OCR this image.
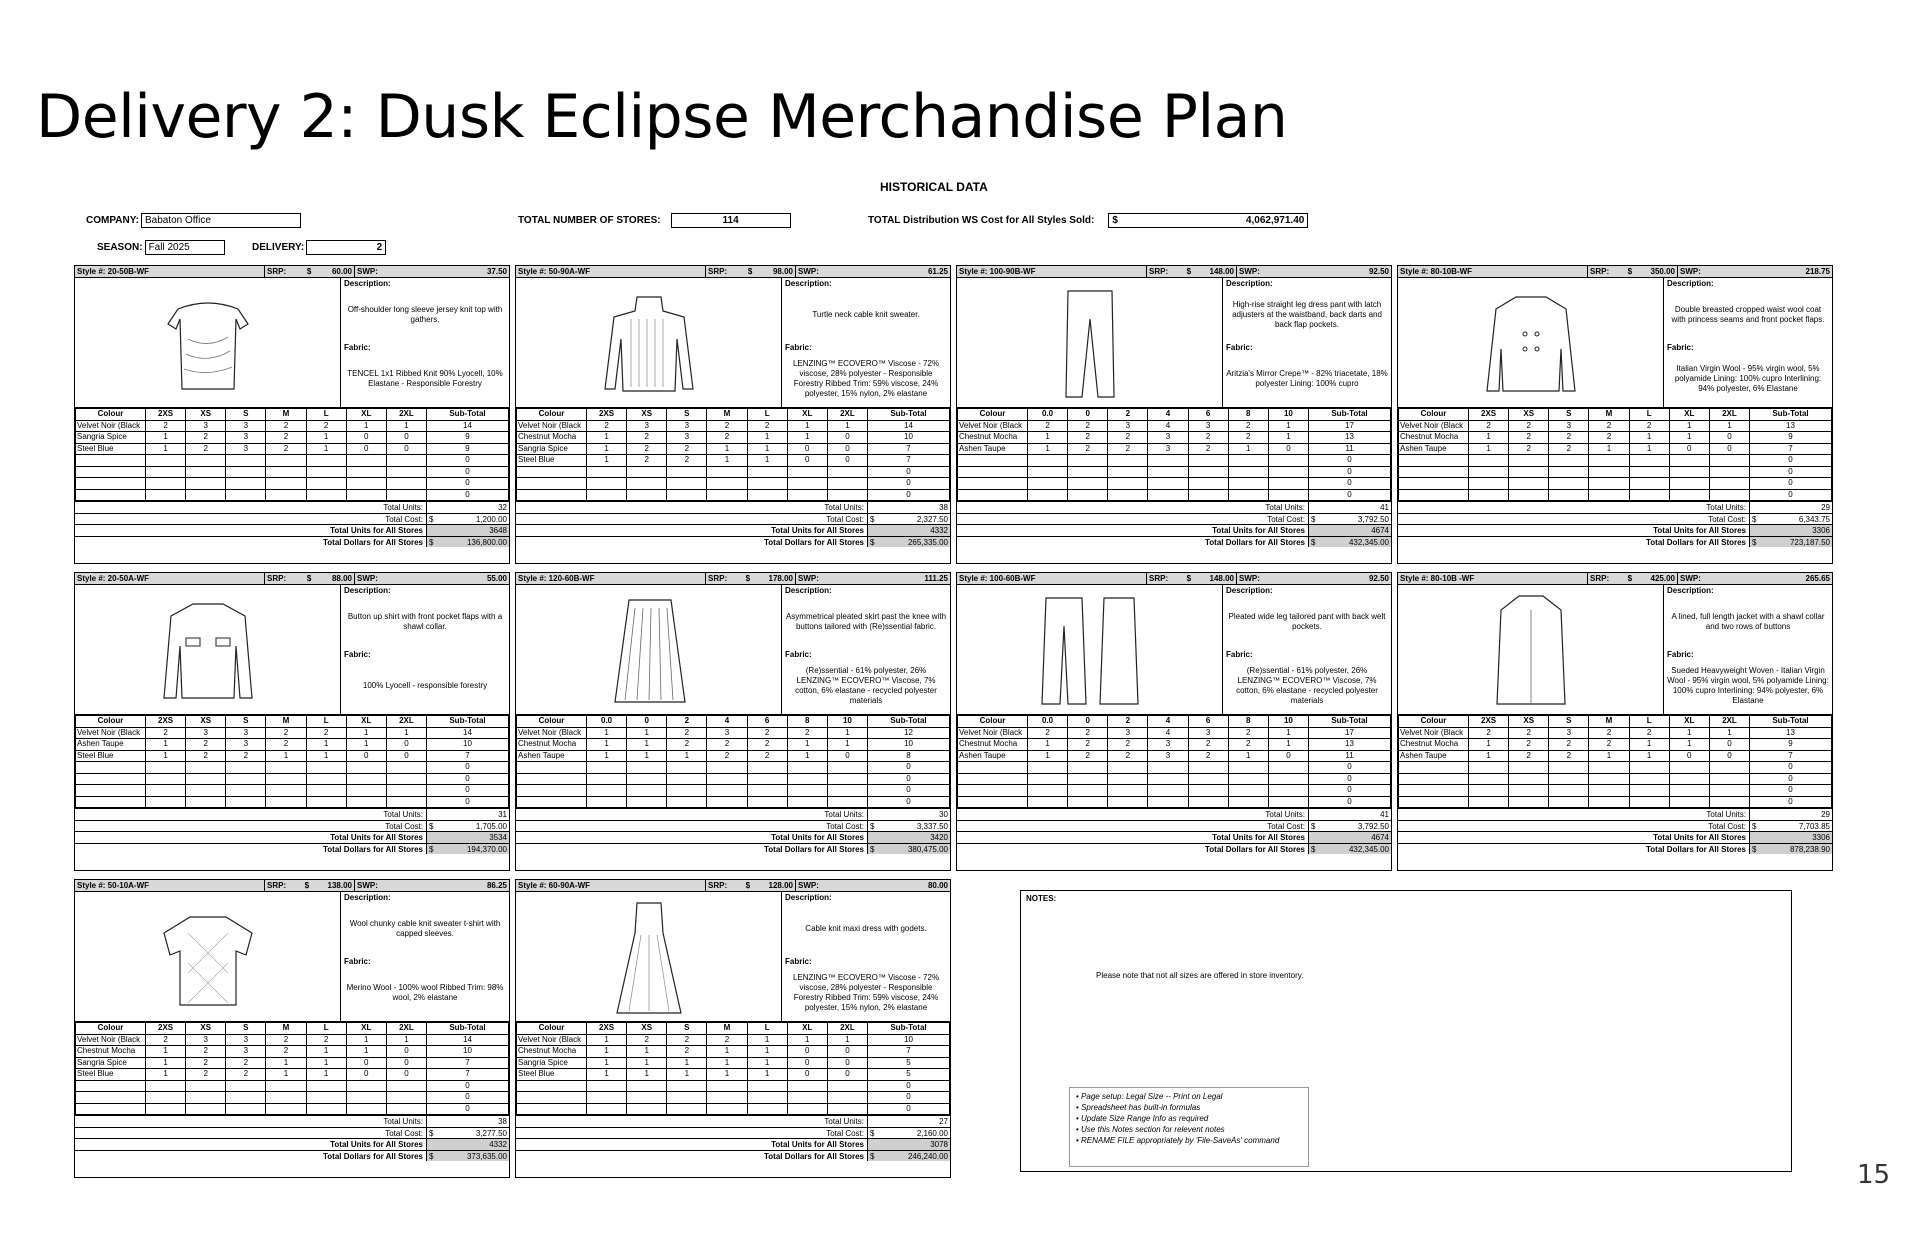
Delivery 2: Dusk Eclipse Merchandise Plan
HISTORICAL DATA
COMPANY: Babaton Office	TOTAL NUMBER OF STORES:	114	TOTAL Distribution WS Cost for All Styles Sold: $	4,062,971.40
SEASON: Fall 2025	DELIVERY:	2
Style #: 20-50B-WF	SRP:	$	60.00 SWP:	37.50
Description:
Off-shoulder long sleeve jersey knit top with gathers.
Fabric:
TENCEL 1x1 Ribbed Knit 90% Lyocell, 10% Elastane - Responsible Forestry
Colour	2XS	XS	S	M	L	XL	2XL	Sub-Total
Velvet Noir (Black	2	3	3	2	2	1	1	14
Sangria Spice	1	2	3	2	1	0	0	9
Steel Blue	1	2	3	2	1	0	0	9
								0
								0
								0
								0
Total Units:	32
Total Cost: $	1,200.00
Total Units for All Stores	3648
Total Dollars for All Stores $	136,800.00
Style #: 50-90A-WF	SRP:	$	98.00 SWP:	61.25
Description:
Turtle neck cable knit sweater.
Fabric:
LENZING™ ECOVERO™ Viscose - 72% viscose, 28% polyester - Responsible Forestry Ribbed Trim: 59% viscose, 24% polyester, 15% nylon, 2% elastane
Colour	2XS	XS	S	M	L	XL	2XL	Sub-Total
Velvet Noir (Black	2	3	3	2	2	1	1	14
Chestnut Mocha	1	2	3	2	1	1	0	10
Sangria Spice	1	2	2	1	1	0	0	7
Steel Blue	1	2	2	1	1	0	0	7
								0
								0
								0
Total Units:	38
Total Cost: $	2,327.50
Total Units for All Stores	4332
Total Dollars for All Stores $	265,335.00
Style #: 100-90B-WF	SRP: $ 148.00 SWP:	92.50
Description:
High-rise straight leg dress pant with latch adjusters at the waistband, back darts and back flap pockets.
Fabric:
Aritzia's Mirror Crepe™ - 82% triacetate, 18% polyester Lining: 100% cupro
Colour	0.0	0	2	4	6	8	10	Sub-Total
Velvet Noir (Black	2	2	3	4	3	2	1	17
Chestnut Mocha	1	2	2	3	2	2	1	13
Ashen Taupe	1	2	2	3	2	1	0	11
								0
								0
								0
								0
Total Units:	41
Total Cost: $	3,792.50
Total Units for All Stores	4674
Total Dollars for All Stores $	432,345.00
Style #: 80-10B-WF	SRP: $ 350.00 SWP:	218.75
Description:
Double breasted cropped waist wool coat with princess seams and front pocket flaps.
Fabric:
Italian Virgin Wool - 95% virgin wool, 5% polyamide Lining: 100% cupro Interlining: 94% polyester, 6% Elastane
Colour	2XS	XS	S	M	L	XL	2XL	Sub-Total
Velvet Noir (Black	2	2	3	2	2	1	1	13
Chestnut Mocha	1	2	2	2	1	1	0	9
Ashen Taupe	1	2	2	1	1	0	0	7
								0
								0
								0
								0
Total Units:	29
Total Cost: $	6,343.75
Total Units for All Stores	3306
Total Dollars for All Stores $	723,187.50
Style #: 20-50A-WF	SRP:	$	88.00 SWP:	55.00
Description:
Button up shirt with front pocket flaps with a shawl collar.
Fabric:
100% Lyocell - responsible forestry
Colour	2XS	XS	S	M	L	XL	2XL	Sub-Total
Velvet Noir (Black	2	3	3	2	2	1	1	14
Ashen Taupe	1	2	3	2	1	1	0	10
Steel Blue	1	2	2	1	1	0	0	7
								0
								0
								0
								0
Total Units:	31
Total Cost: $	1,705.00
Total Units for All Stores	3534
Total Dollars for All Stores $	194,370.00
Style #: 120-60B-WF	SRP: $ 178.00 SWP:	111.25
Description:
Asymmetrical pleated skirt past the knee with buttons tailored with (Re)ssential fabric.
Fabric:
(Re)ssential - 61% polyester, 26% LENZING™ ECOVERO™ Viscose, 7% cotton, 6% elastane - recycled polyester materials
Colour	0.0	0	2	4	6	8	10	Sub-Total
Velvet Noir (Black	1	1	2	3	2	2	1	12
Chestnut Mocha	1	1	2	2	2	1	1	10
Ashen Taupe	1	1	1	2	2	1	0	8
								0
								0
								0
								0
Total Units:	30
Total Cost: $	3,337.50
Total Units for All Stores	3420
Total Dollars for All Stores $	380,475.00
Style #: 100-60B-WF	SRP: $ 148.00 SWP:	92.50
Description:
Pleated wide leg tailored pant with back welt pockets.
Fabric:
(Re)ssential - 61% polyester, 26% LENZING™ ECOVERO™ Viscose, 7% cotton, 6% elastane - recycled polyester materials
Colour	0.0	0	2	4	6	8	10	Sub-Total
Velvet Noir (Black	2	2	3	4	3	2	1	17
Chestnut Mocha	1	2	2	3	2	2	1	13
Ashen Taupe	1	2	2	3	2	1	0	11
								0
								0
								0
								0
Total Units:	41
Total Cost: $	3,792.50
Total Units for All Stores	4674
Total Dollars for All Stores $	432,345.00
Style #: 80-10B -WF	SRP: $ 425.00 SWP:	265.65
Description:
A lined, full length jacket with a shawl collar and two rows of buttons
Fabric:
Sueded Heavyweight Woven - Italian Virgin Wool - 95% virgin wool, 5% polyamide Lining: 100% cupro Interlining: 94% polyester, 6% Elastane
Colour	2XS	XS	S	M	L	XL	2XL	Sub-Total
Velvet Noir (Black	2	2	3	2	2	1	1	13
Chestnut Mocha	1	2	2	2	1	1	0	9
Ashen Taupe	1	2	2	1	1	0	0	7
								0
								0
								0
								0
Total Units:	29
Total Cost: $	7,703.85
Total Units for All Stores	3306
Total Dollars for All Stores $	878,238.90
Style #: 50-10A-WF	SRP: $ 138.00 SWP:	86.25
Description:
Wool chunky cable knit sweater t-shirt with capped sleeves.
Fabric:
Merino Wool - 100% wool Ribbed Trim: 98% wool, 2% elastane
Colour	2XS	XS	S	M	L	XL	2XL	Sub-Total
Velvet Noir (Black	2	3	3	2	2	1	1	14
Chestnut Mocha	1	2	3	2	1	1	0	10
Sangria Spice	1	2	2	1	1	0	0	7
Steel Blue	1	2	2	1	1	0	0	7
								0
								0
								0
Total Units:	38
Total Cost: $	3,277.50
Total Units for All Stores	4332
Total Dollars for All Stores $	373,635.00
Style #: 60-90A-WF	SRP: $ 128.00 SWP:	80.00
Description:
Cable knit maxi dress with godets.
Fabric:
LENZING™ ECOVERO™ Viscose - 72% viscose, 28% polyester - Responsible Forestry Ribbed Trim: 59% viscose, 24% polyester, 15% nylon, 2% elastane
Colour	2XS	XS	S	M	L	XL	2XL	Sub-Total
Velvet Noir (Black	1	2	2	2	1	1	1	10
Chestnut Mocha	1	1	2	1	1	0	0	7
Sangria Spice	1	1	1	1	1	0	0	5
Steel Blue	1	1	1	1	1	0	0	5
								0
								0
								0
Total Units:	27
Total Cost: $	2,160.00
Total Units for All Stores	3078
Total Dollars for All Stores $	246,240.00
NOTES:
Please note that not all sizes are offered in store inventory.
• Page setup: Legal Size -- Print on Legal
• Spreadsheet has built-in formulas
• Update Size Range Info as required
• Use this Notes section for relevent notes
• RENAME FILE appropriately by 'File-SaveAs' command
15
